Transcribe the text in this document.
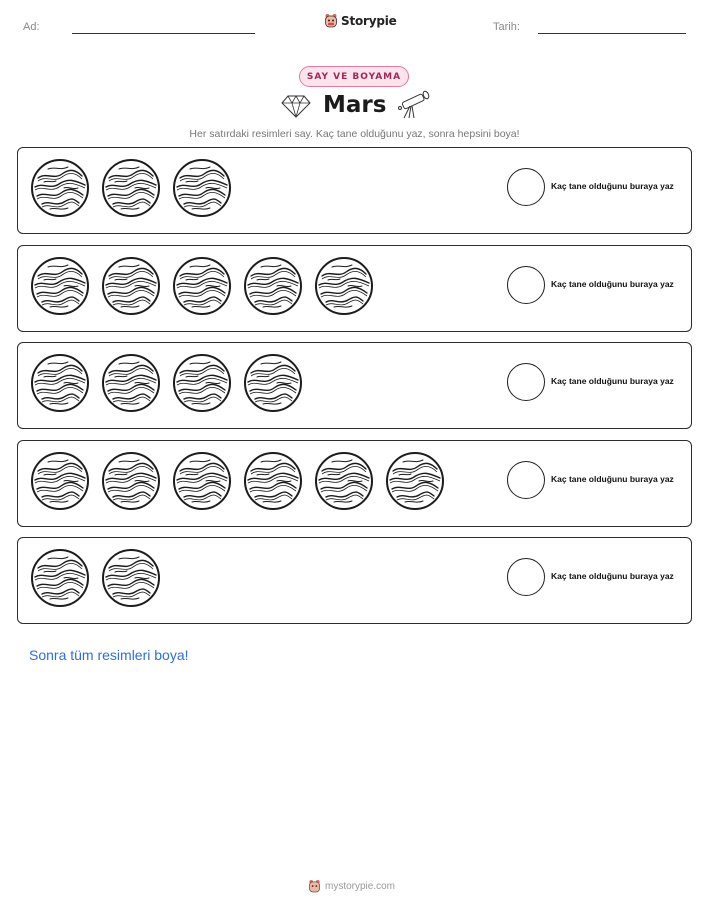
Ad:	Storypie	Tarih:
SAY VE BOYAMA
Mars
Her satırdaki resimleri say. Kaç tane olduğunu yaz, sonra hepsini boya!
Kaç tane olduğunu buraya yaz
Kaç tane olduğunu buraya yaz
Kaç tane olduğunu buraya yaz
Kaç tane olduğunu buraya yaz
Kaç tane olduğunu buraya yaz
Sonra tüm resimleri boya!
mystorypie.com
